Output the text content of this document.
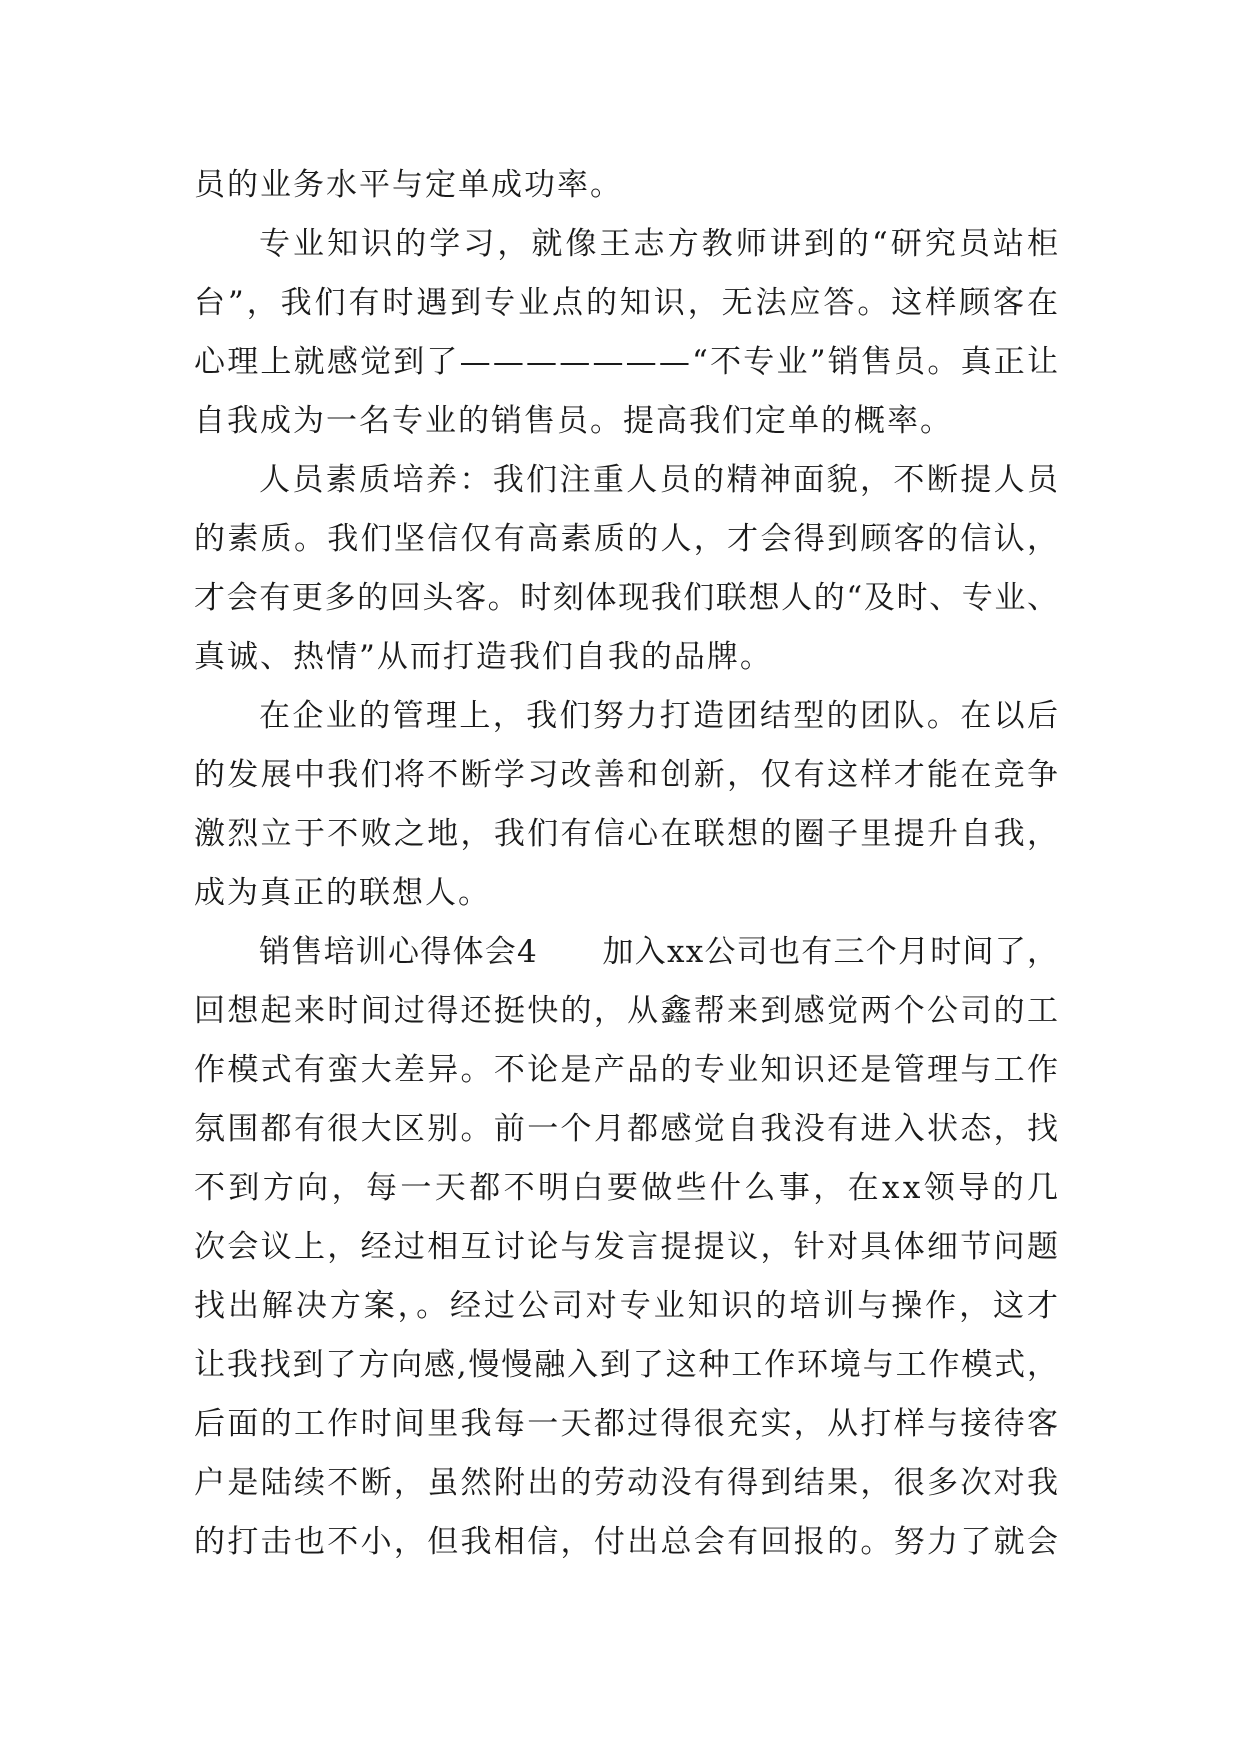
员的业务水平与定单成功率。
专业知识的学习，就像王志方教师讲到的“研究员站柜
台”，我们有时遇到专业点的知识，无法应答。这样顾客在
心理上就感觉到了———————“不专业”销售员。真正让
自我成为一名专业的销售员。提高我们定单的概率。
人员素质培养：我们注重人员的精神面貌，不断提人员
的素质。我们坚信仅有高素质的人，才会得到顾客的信认，
才会有更多的回头客。时刻体现我们联想人的“及时、专业、
真诚、热情”从而打造我们自我的品牌。
在企业的管理上，我们努力打造团结型的团队。在以后
的发展中我们将不断学习改善和创新，仅有这样才能在竞争
激烈立于不败之地，我们有信心在联想的圈子里提升自我，
成为真正的联想人。
销售培训心得体会4　　加入xx公司也有三个月时间了，
回想起来时间过得还挺快的，从鑫帮来到感觉两个公司的工
作模式有蛮大差异。不论是产品的专业知识还是管理与工作
氛围都有很大区别。前一个月都感觉自我没有进入状态，找
不到方向，每一天都不明白要做些什么事，在xx领导的几
次会议上，经过相互讨论与发言提提议，针对具体细节问题
找出解决方案，。经过公司对专业知识的培训与操作，这才
让我找到了方向感,慢慢融入到了这种工作环境与工作模式，
后面的工作时间里我每一天都过得很充实，从打样与接待客
户是陆续不断，虽然附出的劳动没有得到结果，很多次对我
的打击也不小，但我相信，付出总会有回报的。努力了就会
